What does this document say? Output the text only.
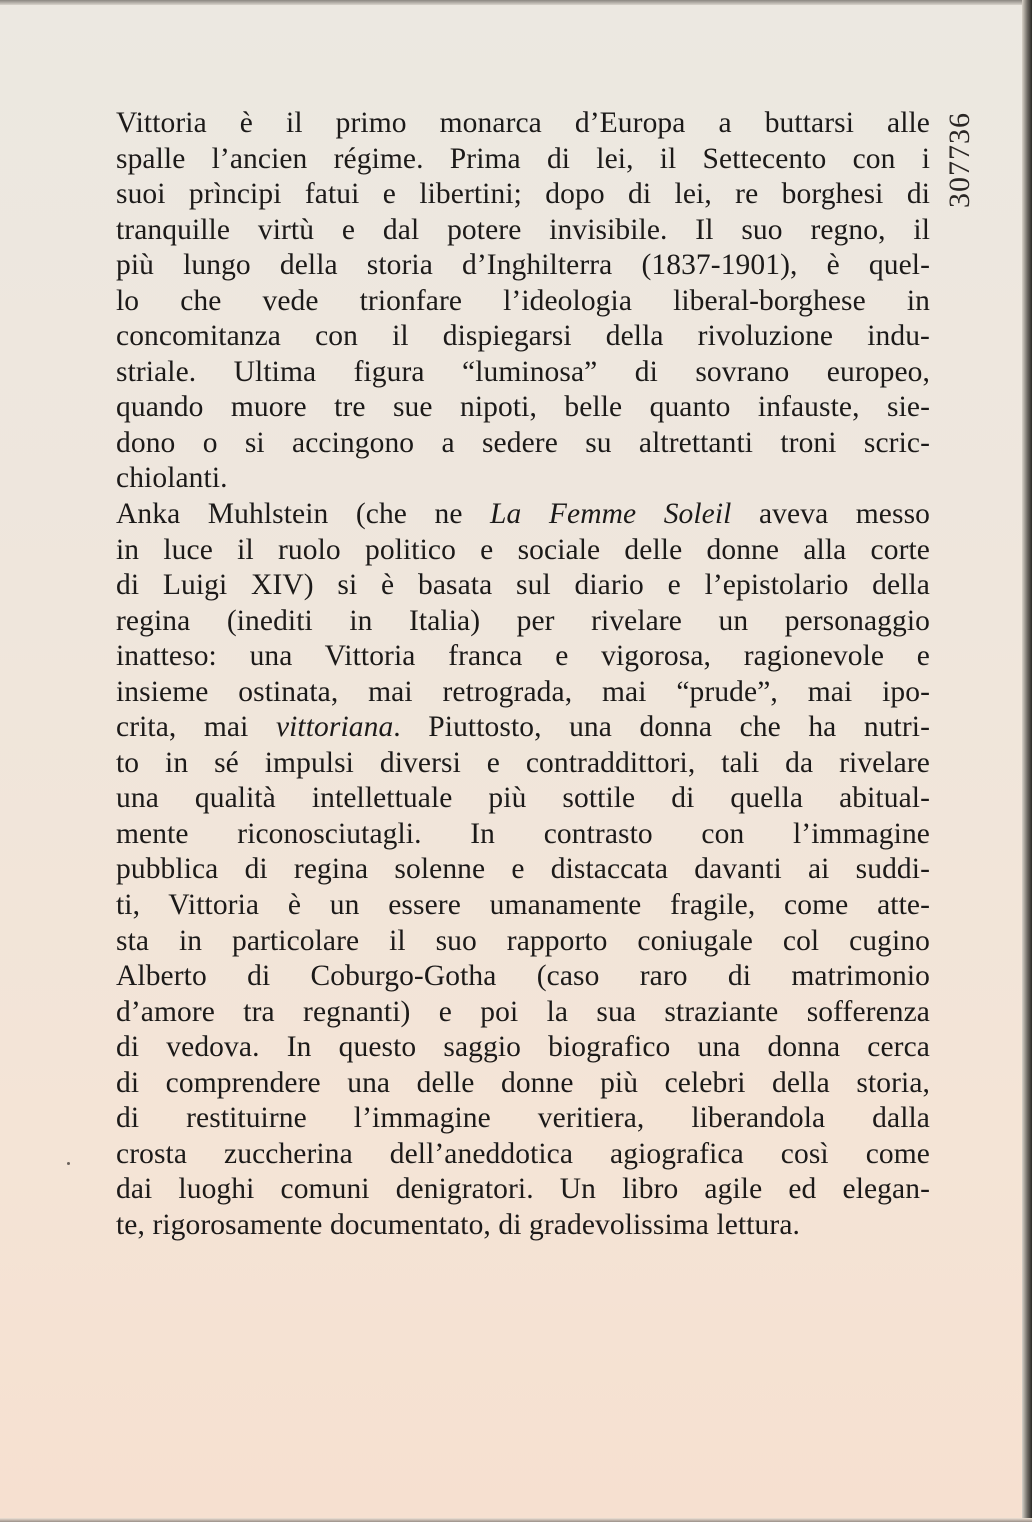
307736
Vittoria è il primo monarca d’Europa a buttarsi alle
spalle l’ancien régime. Prima di lei, il Settecento con i
suoi prìncipi fatui e libertini; dopo di lei, re borghesi di
tranquille virtù e dal potere invisibile. Il suo regno, il
più lungo della storia d’Inghilterra (1837-1901), è quel-
lo che vede trionfare l’ideologia liberal-borghese in
concomitanza con il dispiegarsi della rivoluzione indu-
striale. Ultima figura “luminosa” di sovrano europeo,
quando muore tre sue nipoti, belle quanto infauste, sie-
dono o si accingono a sedere su altrettanti troni scric-
chiolanti.
Anka Muhlstein (che ne La Femme Soleil aveva messo
in luce il ruolo politico e sociale delle donne alla corte
di Luigi XIV) si è basata sul diario e l’epistolario della
regina (inediti in Italia) per rivelare un personaggio
inatteso: una Vittoria franca e vigorosa, ragionevole e
insieme ostinata, mai retrograda, mai “prude”, mai ipo-
crita, mai vittoriana. Piuttosto, una donna che ha nutri-
to in sé impulsi diversi e contraddittori, tali da rivelare
una qualità intellettuale più sottile di quella abitual-
mente riconosciutagli. In contrasto con l’immagine
pubblica di regina solenne e distaccata davanti ai suddi-
ti, Vittoria è un essere umanamente fragile, come atte-
sta in particolare il suo rapporto coniugale col cugino
Alberto di Coburgo-Gotha (caso raro di matrimonio
d’amore tra regnanti) e poi la sua straziante sofferenza
di vedova. In questo saggio biografico una donna cerca
di comprendere una delle donne più celebri della storia,
di restituirne l’immagine veritiera, liberandola dalla
crosta zuccherina dell’aneddotica agiografica così come
dai luoghi comuni denigratori. Un libro agile ed elegan-
te, rigorosamente documentato, di gradevolissima lettura.
